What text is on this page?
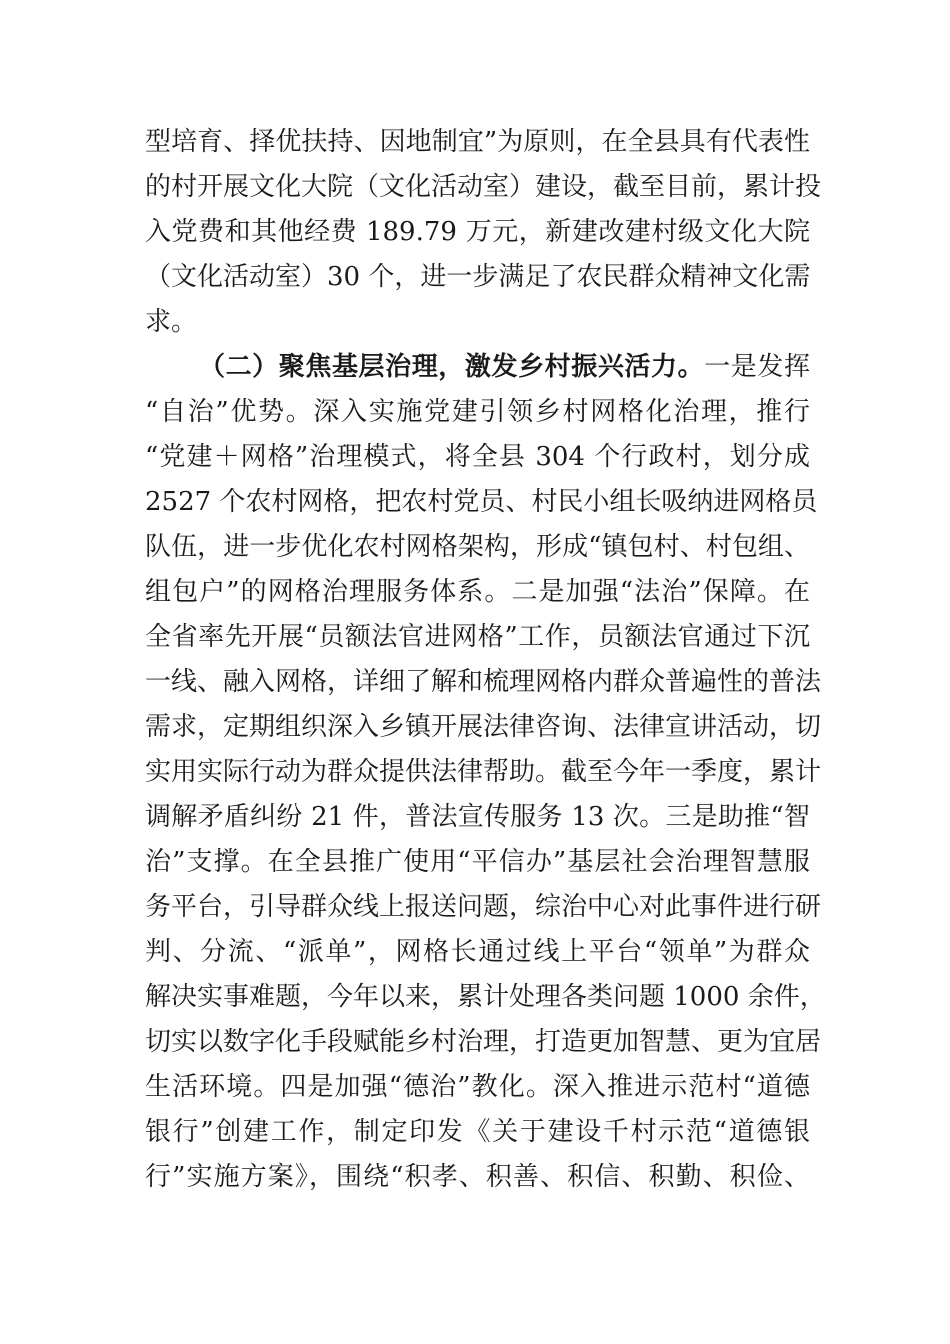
型培育、择优扶持、因地制宜”为原则，在全县具有代表性
的村开展文化大院（文化活动室）建设，截至目前，累计投
入党费和其他经费 189.79 万元，新建改建村级文化大院
（文化活动室）30 个，进一步满足了农民群众精神文化需
求。
（二）聚焦基层治理，激发乡村振兴活力。一是发挥
“自治”优势。深入实施党建引领乡村网格化治理，推行
“党建＋网格”治理模式，将全县 304 个行政村，划分成
2527 个农村网格，把农村党员、村民小组长吸纳进网格员
队伍，进一步优化农村网格架构，形成“镇包村、村包组、
组包户”的网格治理服务体系。二是加强“法治”保障。在
全省率先开展“员额法官进网格”工作，员额法官通过下沉
一线、融入网格，详细了解和梳理网格内群众普遍性的普法
需求，定期组织深入乡镇开展法律咨询、法律宣讲活动，切
实用实际行动为群众提供法律帮助。截至今年一季度，累计
调解矛盾纠纷 21 件，普法宣传服务 13 次。三是助推“智
治”支撑。在全县推广使用“平信办”基层社会治理智慧服
务平台，引导群众线上报送问题，综治中心对此事件进行研
判、分流、“派单”，网格长通过线上平台“领单”为群众
解决实事难题，今年以来，累计处理各类问题 1000 余件，
切实以数字化手段赋能乡村治理，打造更加智慧、更为宜居
生活环境。四是加强“德治”教化。深入推进示范村“道德
银行”创建工作，制定印发《关于建设千村示范“道德银
行”实施方案》，围绕“积孝、积善、积信、积勤、积俭、
